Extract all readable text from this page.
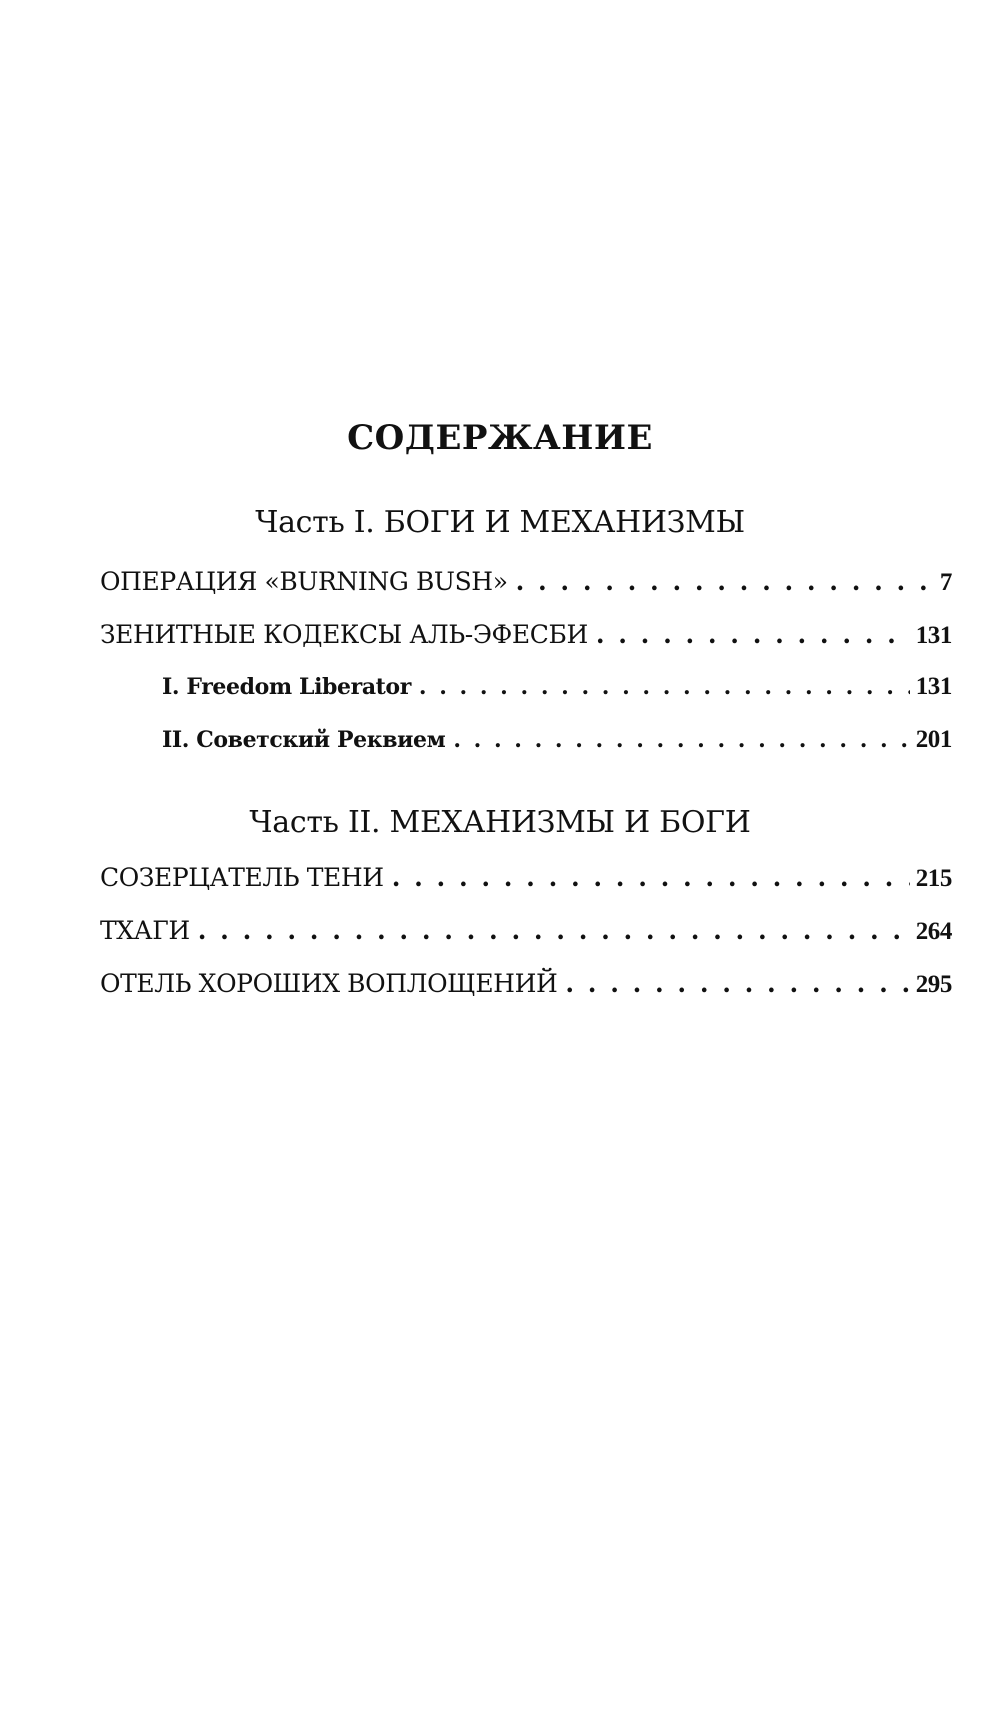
СОДЕРЖАНИЕ
Часть I. БОГИ И МЕХАНИЗМЫ
ОПЕРАЦИЯ «BURNING BUSH» . . .	7
ЗЕНИТНЫЕ КОДЕКСЫ АЛЬ-ЭФЕСБИ . . .	131
I. Freedom Liberator . . .	131
II. Советский Реквием . . .	201
Часть II. МЕХАНИЗМЫ И БОГИ
СОЗЕРЦАТЕЛЬ ТЕНИ . . .	215
ТХАГИ . . .	264
ОТЕЛЬ ХОРОШИХ ВОПЛОЩЕНИЙ . . .	295
